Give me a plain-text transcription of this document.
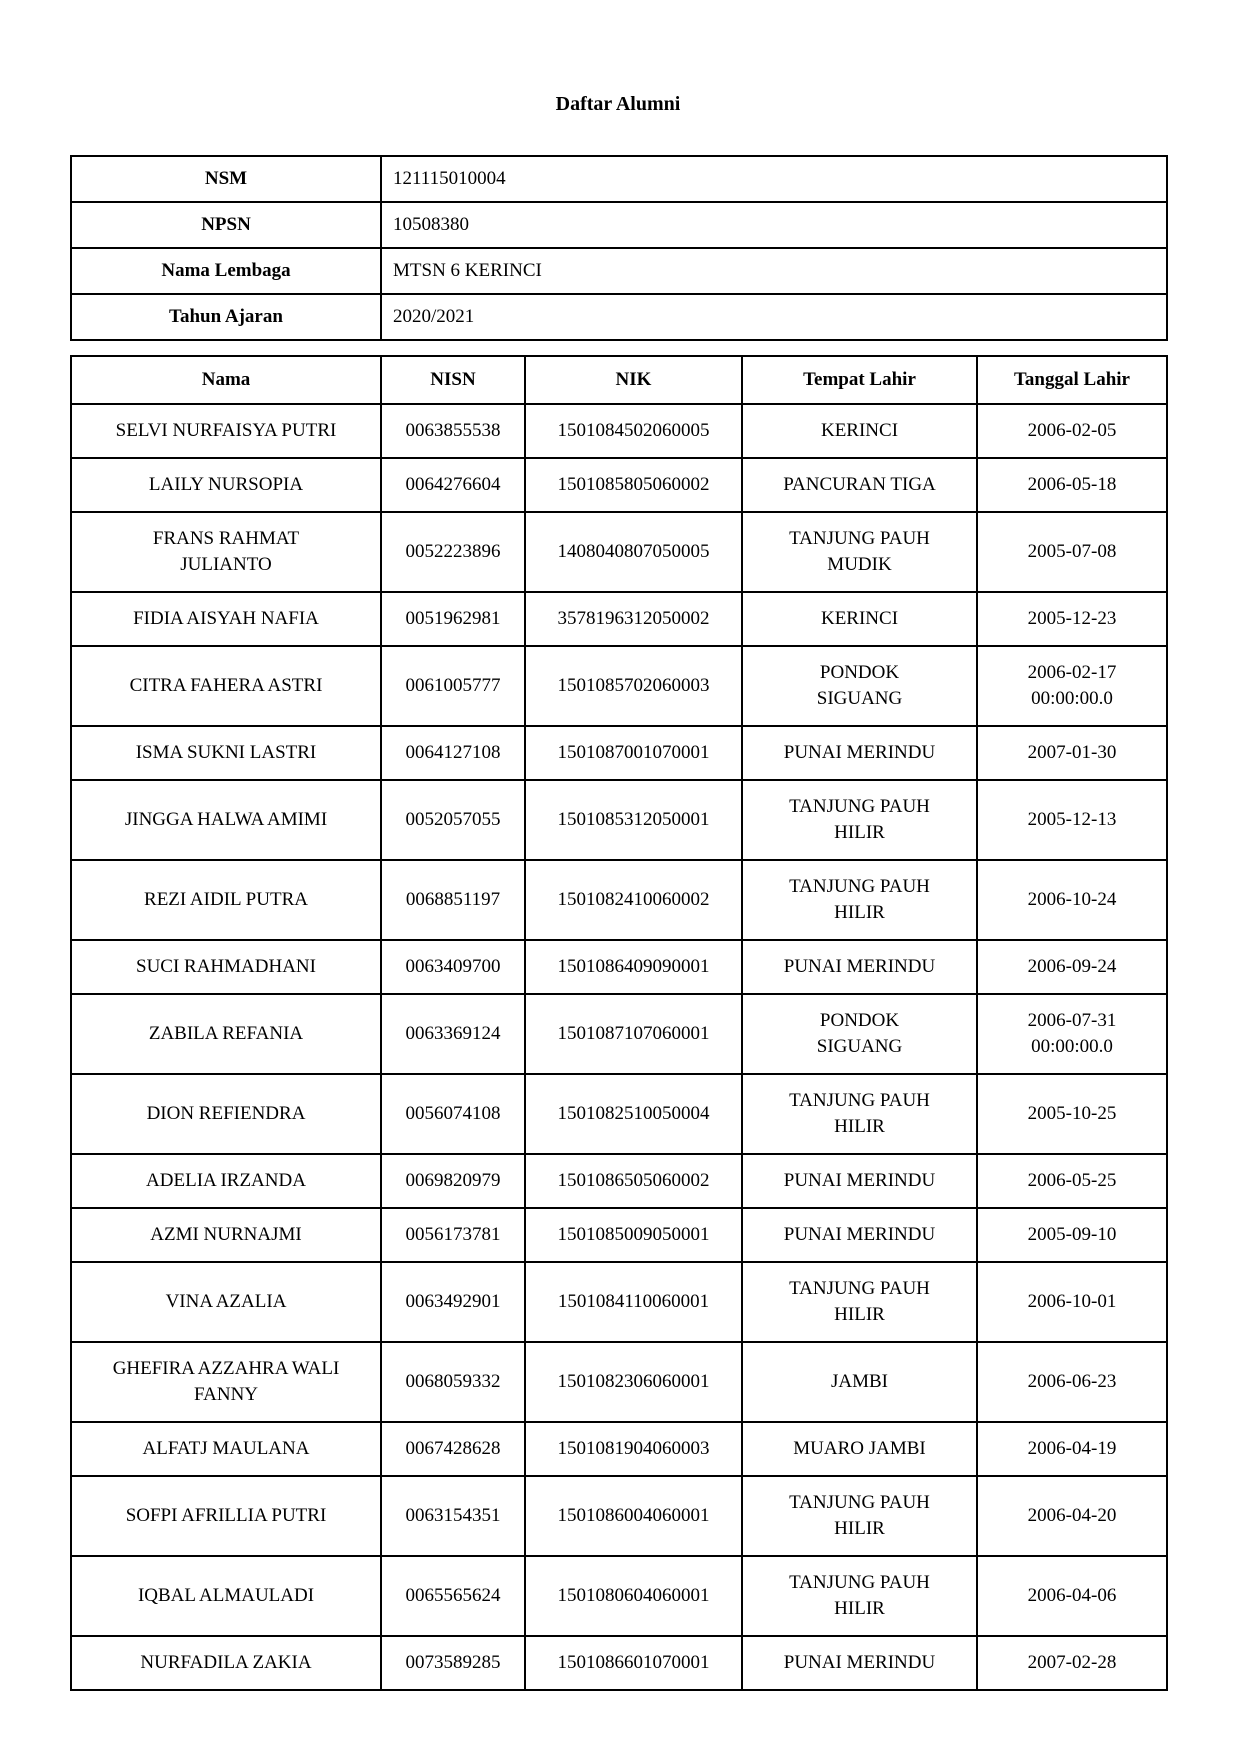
Daftar Alumni
NSM	121115010004
NPSN	10508380
Nama Lembaga	MTSN 6 KERINCI
Tahun Ajaran	2020/2021
Nama	NISN	NIK	Tempat Lahir	Tanggal Lahir
SELVI NURFAISYA PUTRI	0063855538	1501084502060005	KERINCI	2006-02-05
LAILY NURSOPIA	0064276604	1501085805060002	PANCURAN TIGA	2006-05-18
FRANS RAHMAT JULIANTO	0052223896	1408040807050005	TANJUNG PAUH MUDIK	2005-07-08
FIDIA AISYAH NAFIA	0051962981	3578196312050002	KERINCI	2005-12-23
CITRA FAHERA ASTRI	0061005777	1501085702060003	PONDOK SIGUANG	2006-02-17 00:00:00.0
ISMA SUKNI LASTRI	0064127108	1501087001070001	PUNAI MERINDU	2007-01-30
JINGGA HALWA AMIMI	0052057055	1501085312050001	TANJUNG PAUH HILIR	2005-12-13
REZI AIDIL PUTRA	0068851197	1501082410060002	TANJUNG PAUH HILIR	2006-10-24
SUCI RAHMADHANI	0063409700	1501086409090001	PUNAI MERINDU	2006-09-24
ZABILA REFANIA	0063369124	1501087107060001	PONDOK SIGUANG	2006-07-31 00:00:00.0
DION REFIENDRA	0056074108	1501082510050004	TANJUNG PAUH HILIR	2005-10-25
ADELIA IRZANDA	0069820979	1501086505060002	PUNAI MERINDU	2006-05-25
AZMI NURNAJMI	0056173781	1501085009050001	PUNAI MERINDU	2005-09-10
VINA AZALIA	0063492901	1501084110060001	TANJUNG PAUH HILIR	2006-10-01
GHEFIRA AZZAHRA WALI FANNY	0068059332	1501082306060001	JAMBI	2006-06-23
ALFATJ MAULANA	0067428628	1501081904060003	MUARO JAMBI	2006-04-19
SOFPI AFRILLIA PUTRI	0063154351	1501086004060001	TANJUNG PAUH HILIR	2006-04-20
IQBAL ALMAULADI	0065565624	1501080604060001	TANJUNG PAUH HILIR	2006-04-06
NURFADILA ZAKIA	0073589285	1501086601070001	PUNAI MERINDU	2007-02-28
